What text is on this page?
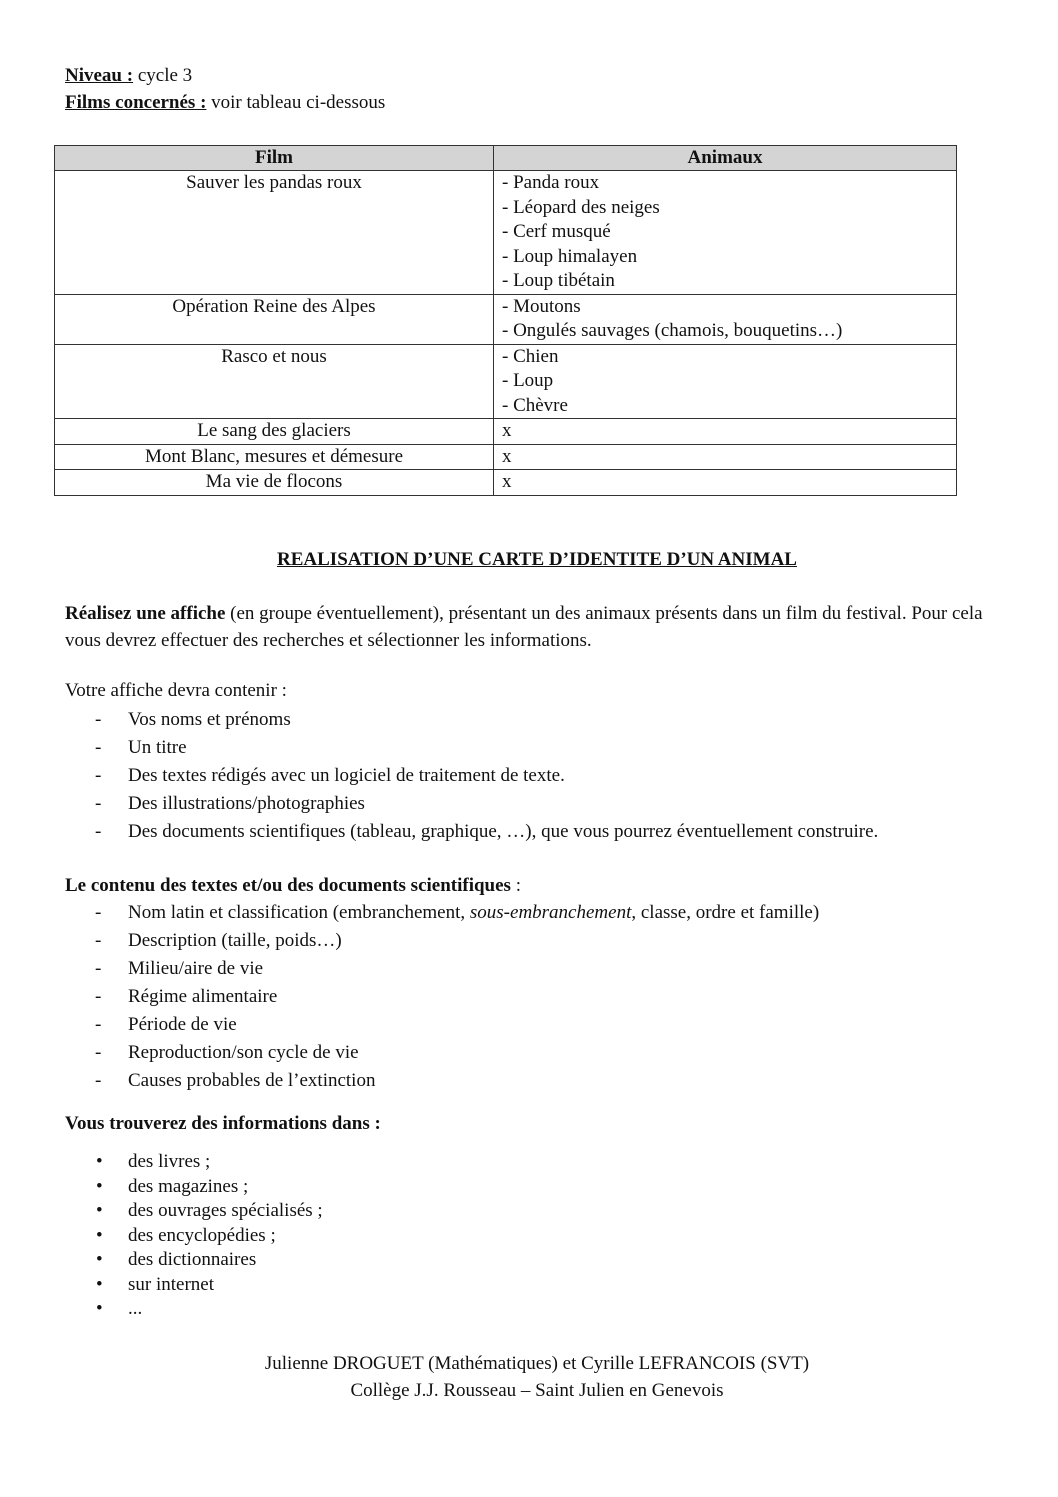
Niveau : cycle 3
Films concernés : voir tableau ci-dessous
Film	Animaux
Sauver les pandas roux	- Panda roux
- Léopard des neiges
- Cerf musqué
- Loup himalayen
- Loup tibétain

Opération Reine des Alpes	- Moutons
- Ongulés sauvages (chamois, bouquetins…)

Rasco et nous	- Chien
- Loup
- Chèvre

Le sang des glaciers	x

Mont Blanc, mesures et démesure	x

Ma vie de flocons	x
REALISATION D’UNE CARTE D’IDENTITE D’UN ANIMAL
Réalisez une affiche (en groupe éventuellement), présentant un des animaux présents dans un film du festival. Pour cela vous devrez effectuer des recherches et sélectionner les informations.
Votre affiche devra contenir :
- Vos noms et prénoms
- Un titre
- Des textes rédigés avec un logiciel de traitement de texte.
- Des illustrations/photographies
- Des documents scientifiques (tableau, graphique, …), que vous pourrez éventuellement construire.
Le contenu des textes et/ou des documents scientifiques :
- Nom latin et classification (embranchement, sous-embranchement, classe, ordre et famille)
- Description (taille, poids…)
- Milieu/aire de vie
- Régime alimentaire
- Période de vie
- Reproduction/son cycle de vie
- Causes probables de l’extinction
Vous trouverez des informations dans :
• des livres ;
• des magazines ;
• des ouvrages spécialisés ;
• des encyclopédies ;
• des dictionnaires
• sur internet
• ...
Julienne DROGUET (Mathématiques) et Cyrille LEFRANCOIS (SVT)
Collège J.J. Rousseau – Saint Julien en Genevois
